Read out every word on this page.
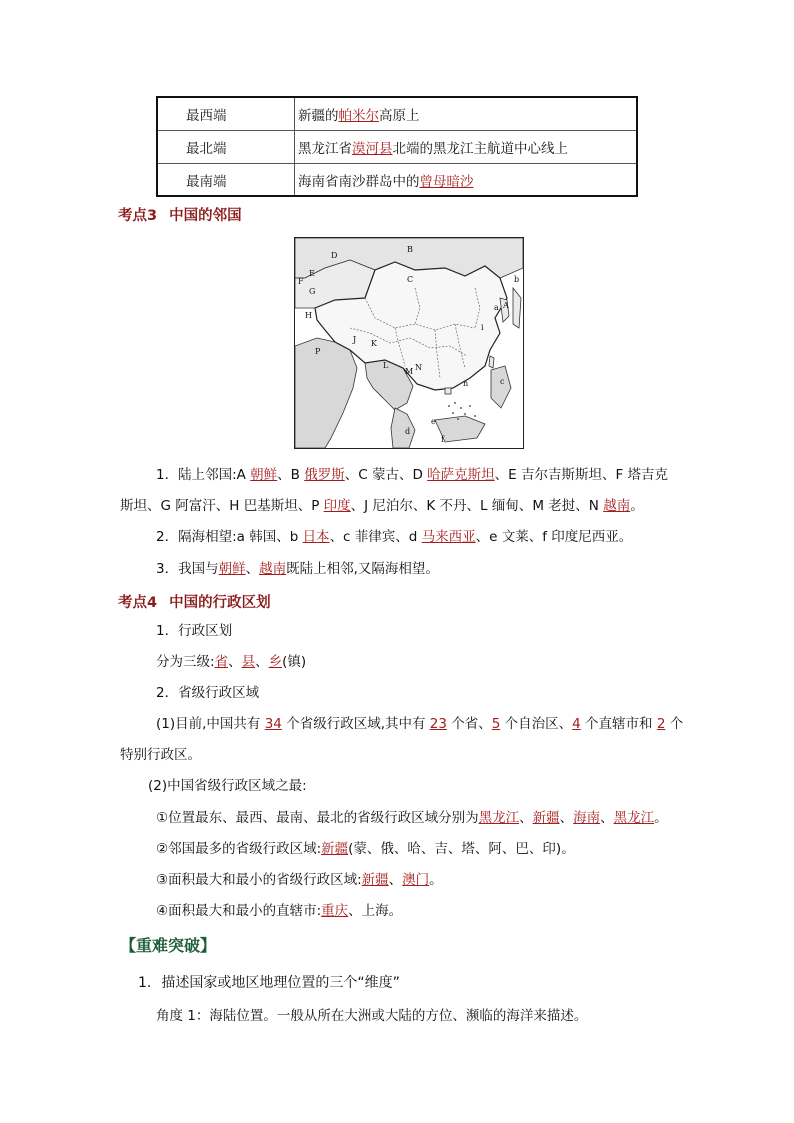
最西端	新疆的 帕米尔 高原上
最北端	黑龙江省 漠河县 北端的黑龙江主航道中心线上
最南端	海南省南沙群岛中的 曾母暗沙
考点3 中国的邻国
B
C
D
E
F
G
H
P
J K
L
M N
A
a
b
c
d
e
f
i
n
1．陆上邻国:A 朝鲜、B 俄罗斯、C 蒙古、D 哈萨克斯坦、E 吉尔吉斯斯坦、F 塔吉克
斯坦、G 阿富汗、H 巴基斯坦、P 印度、J 尼泊尔、K 不丹、L 缅甸、M 老挝、N 越南。
2．隔海相望:a 韩国、b 日本、c 菲律宾、d 马来西亚、e 文莱、f 印度尼西亚。
3．我国与朝鲜、越南既陆上相邻,又隔海相望。
考点4 中国的行政区划
1．行政区划
分为三级:省、县、乡(镇)
2．省级行政区域
(1)目前,中国共有 34 个省级行政区域,其中有 23 个省、5 个自治区、4 个直辖市和 2 个
特别行政区。
(2)中国省级行政区域之最:
①位置最东、最西、最南、最北的省级行政区域分别为黑龙江、新疆、海南、黑龙江。
②邻国最多的省级行政区域:新疆(蒙、俄、哈、吉、塔、阿、巴、印)。
③面积最大和最小的省级行政区域:新疆、澳门。
④面积最大和最小的直辖市:重庆、上海。
【重难突破】
1. 描述国家或地区地理位置的三个“维度”
角度 1：海陆位置。一般从所在大洲或大陆的方位、濒临的海洋来描述。
